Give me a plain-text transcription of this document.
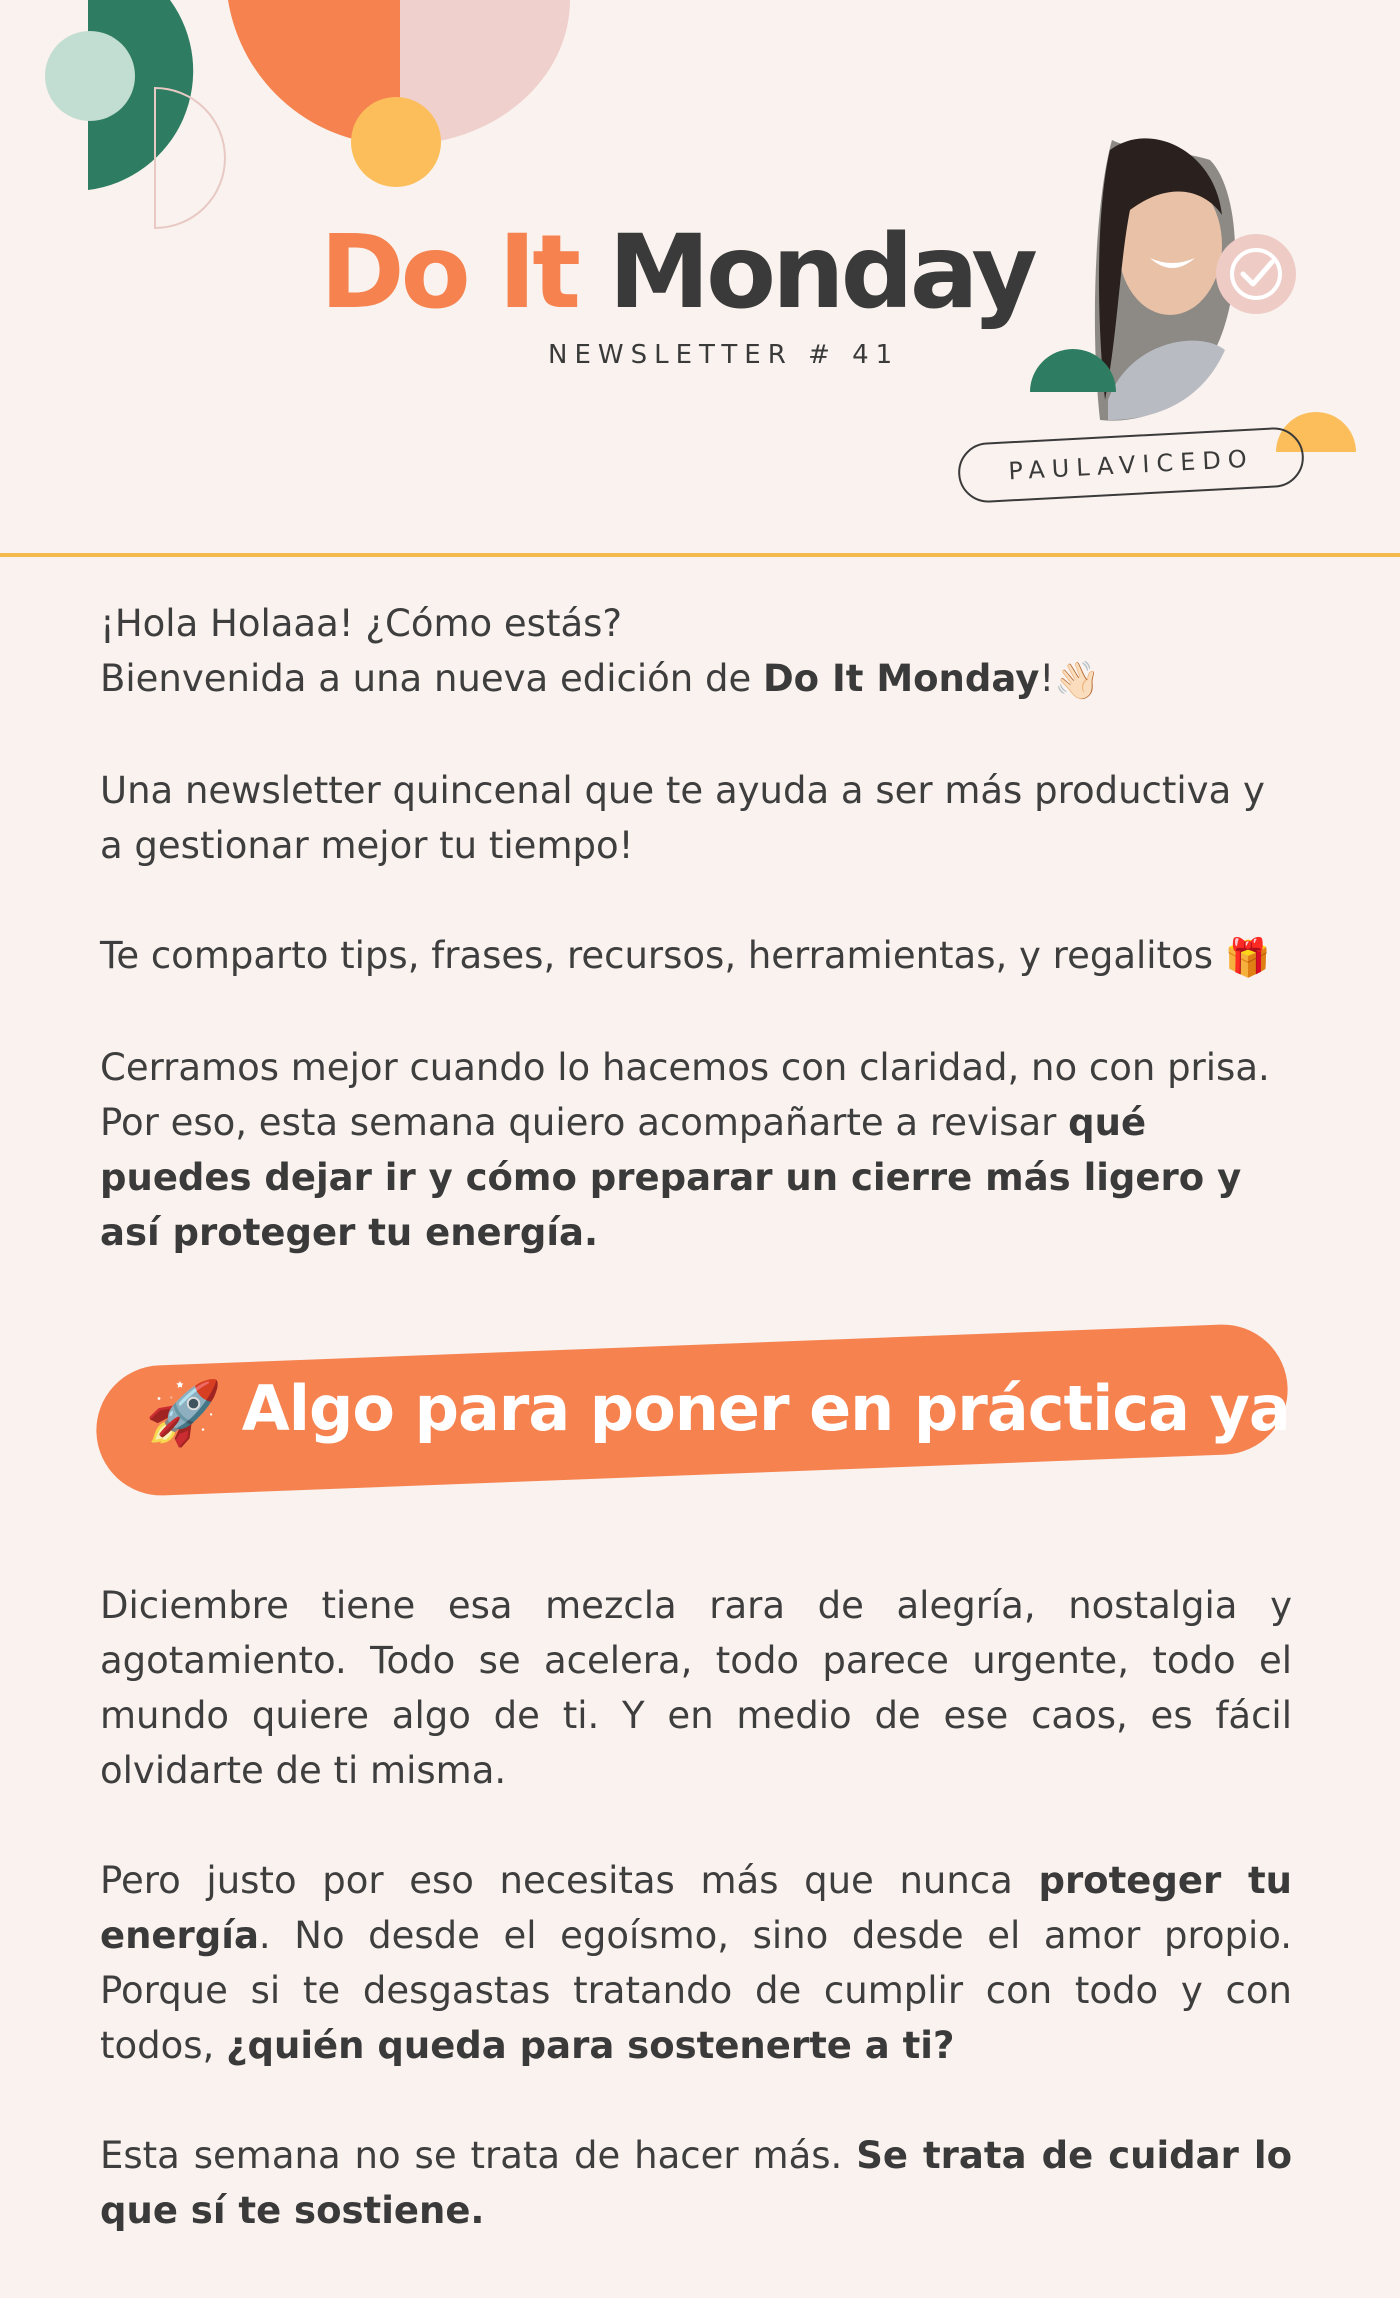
Do It Monday
NEWSLETTER # 41
PAULAVICEDO

¡Hola Holaaa! ¿Cómo estás?

Bienvenida a una nueva edición de Do It Monday!👋🏻

Una newsletter quincenal que te ayuda a ser más productiva y a gestionar mejor tu tiempo!

Te comparto tips, frases, recursos, herramientas, y regalitos 🎁

Cerramos mejor cuando lo hacemos con claridad, no con prisa. Por eso, esta semana quiero acompañarte a revisar qué puedes dejar ir y cómo preparar un cierre más ligero y así proteger tu energía.

🚀 Algo para poner en práctica ya

Diciembre tiene esa mezcla rara de alegría, nostalgia y agotamiento. Todo se acelera, todo parece urgente, todo el mundo quiere algo de ti. Y en medio de ese caos, es fácil olvidarte de ti misma.

Pero justo por eso necesitas más que nunca proteger tu energía. No desde el egoísmo, sino desde el amor propio. Porque si te desgastas tratando de cumplir con todo y con todos, ¿quién queda para sostenerte a ti?

Esta semana no se trata de hacer más. Se trata de cuidar lo que sí te sostiene.
